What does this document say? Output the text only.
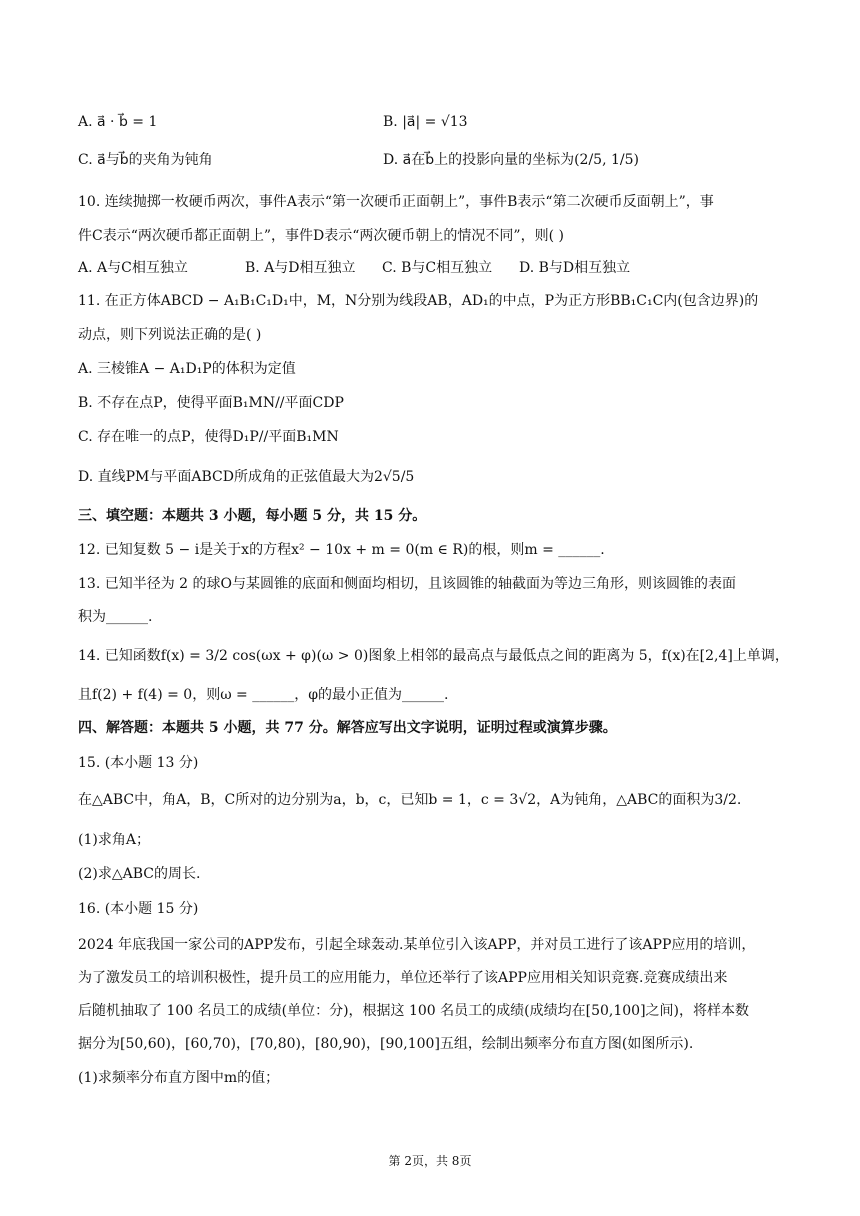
A. a⃗ · b⃗ = 1	B. |a⃗| = √13
C. a⃗与b⃗的夹角为钝角	D. a⃗在b⃗上的投影向量的坐标为(2/5, 1/5)
10. 连续抛掷一枚硬币两次，事件A表示“第一次硬币正面朝上”，事件B表示“第二次硬币反面朝上”，事
件C表示“两次硬币都正面朝上”，事件D表示“两次硬币朝上的情况不同”，则( )
A. A与C相互独立	B. A与D相互独立 C. B与C相互独立 D. B与D相互独立
11. 在正方体ABCD − A₁B₁C₁D₁中，M，N分别为线段AB，AD₁的中点，P为正方形BB₁C₁C内(包含边界)的
动点，则下列说法正确的是( )
A. 三棱锥A − A₁D₁P的体积为定值
B. 不存在点P，使得平面B₁MN//平面CDP
C. 存在唯一的点P，使得D₁P//平面B₁MN
D. 直线PM与平面ABCD所成角的正弦值最大为2√5/5
三、填空题：本题共 3 小题，每小题 5 分，共 15 分。
12. 已知复数 5 − i是关于x的方程x² − 10x + m = 0(m ∈ R)的根，则m = ______.
13. 已知半径为 2 的球O与某圆锥的底面和侧面均相切，且该圆锥的轴截面为等边三角形，则该圆锥的表面
积为______.
14. 已知函数f(x) = 3/2 cos(ωx + φ)(ω > 0)图象上相邻的最高点与最低点之间的距离为 5，f(x)在[2,4]上单调，
且f(2) + f(4) = 0，则ω = ______，φ的最小正值为______.
四、解答题：本题共 5 小题，共 77 分。解答应写出文字说明，证明过程或演算步骤。
15. (本小题 13 分)
在△ABC中，角A，B，C所对的边分别为a，b，c，已知b = 1，c = 3√2，A为钝角，△ABC的面积为3/2.
(1)求角A；
(2)求△ABC的周长.
16. (本小题 15 分)
2024 年底我国一家公司的APP发布，引起全球轰动.某单位引入该APP，并对员工进行了该APP应用的培训，
为了激发员工的培训积极性，提升员工的应用能力，单位还举行了该APP应用相关知识竞赛.竞赛成绩出来
后随机抽取了 100 名员工的成绩(单位：分)，根据这 100 名员工的成绩(成绩均在[50,100]之间)，将样本数
据分为[50,60)，[60,70)，[70,80)，[80,90)，[90,100]五组，绘制出频率分布直方图(如图所示).
(1)求频率分布直方图中m的值；
第 2页，共 8页
